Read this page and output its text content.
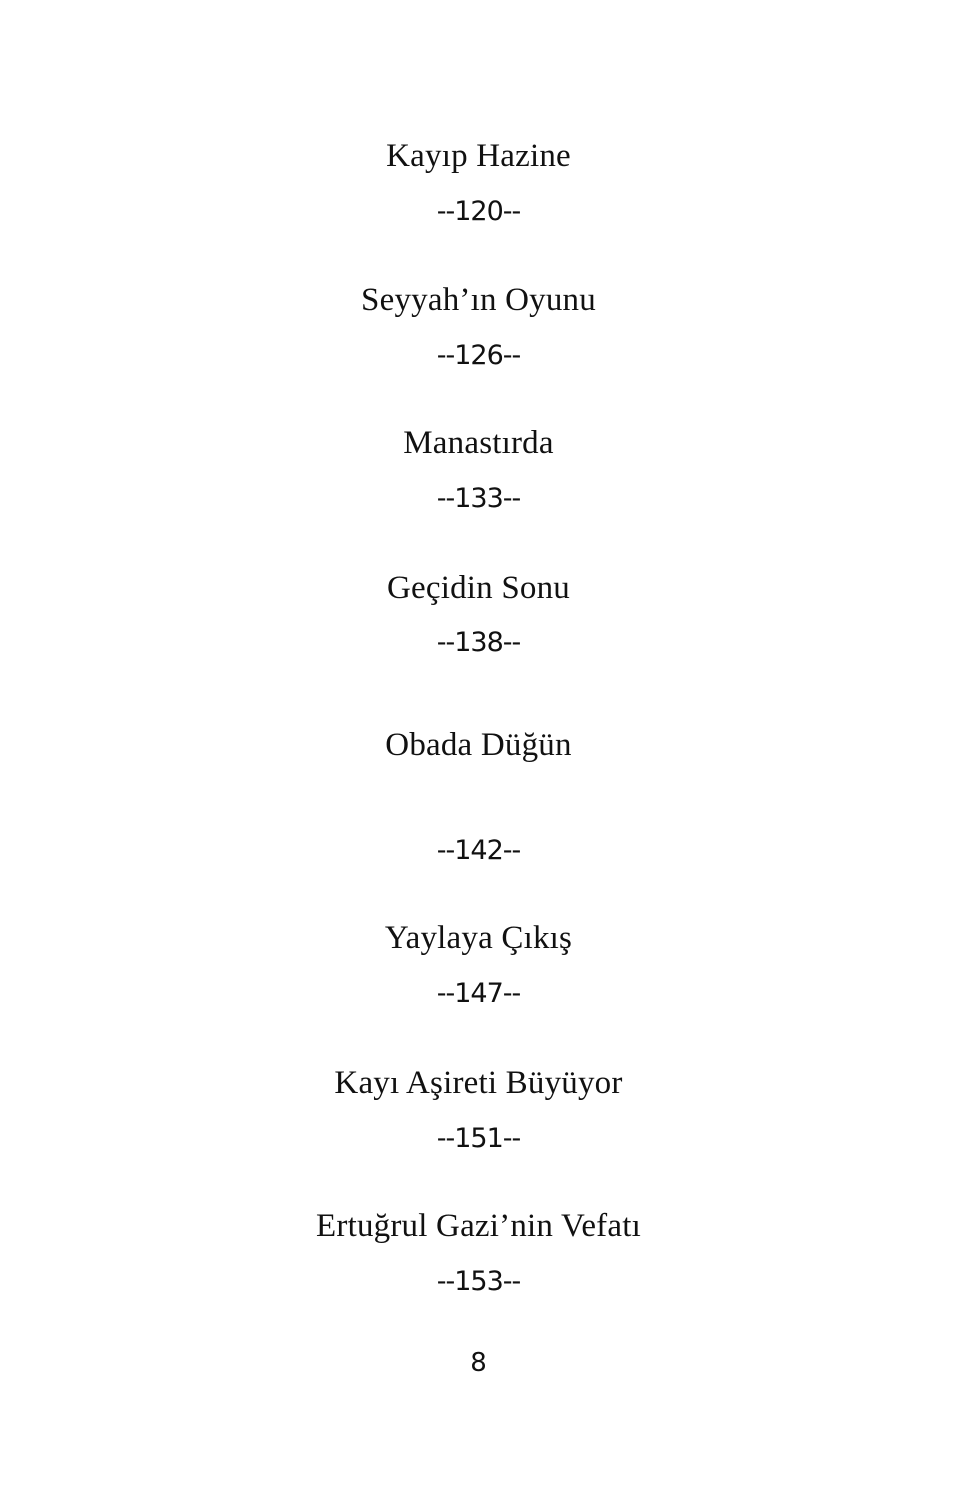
Kayıp Hazine
--120--
Seyyah’ın Oyunu
--126--
Manastırda
--133--
Geçidin Sonu
--138--
Obada Düğün
--142--
Yaylaya Çıkış
--147--
Kayı Aşireti Büyüyor
--151--
Ertuğrul Gazi’nin Vefatı
--153--
8
